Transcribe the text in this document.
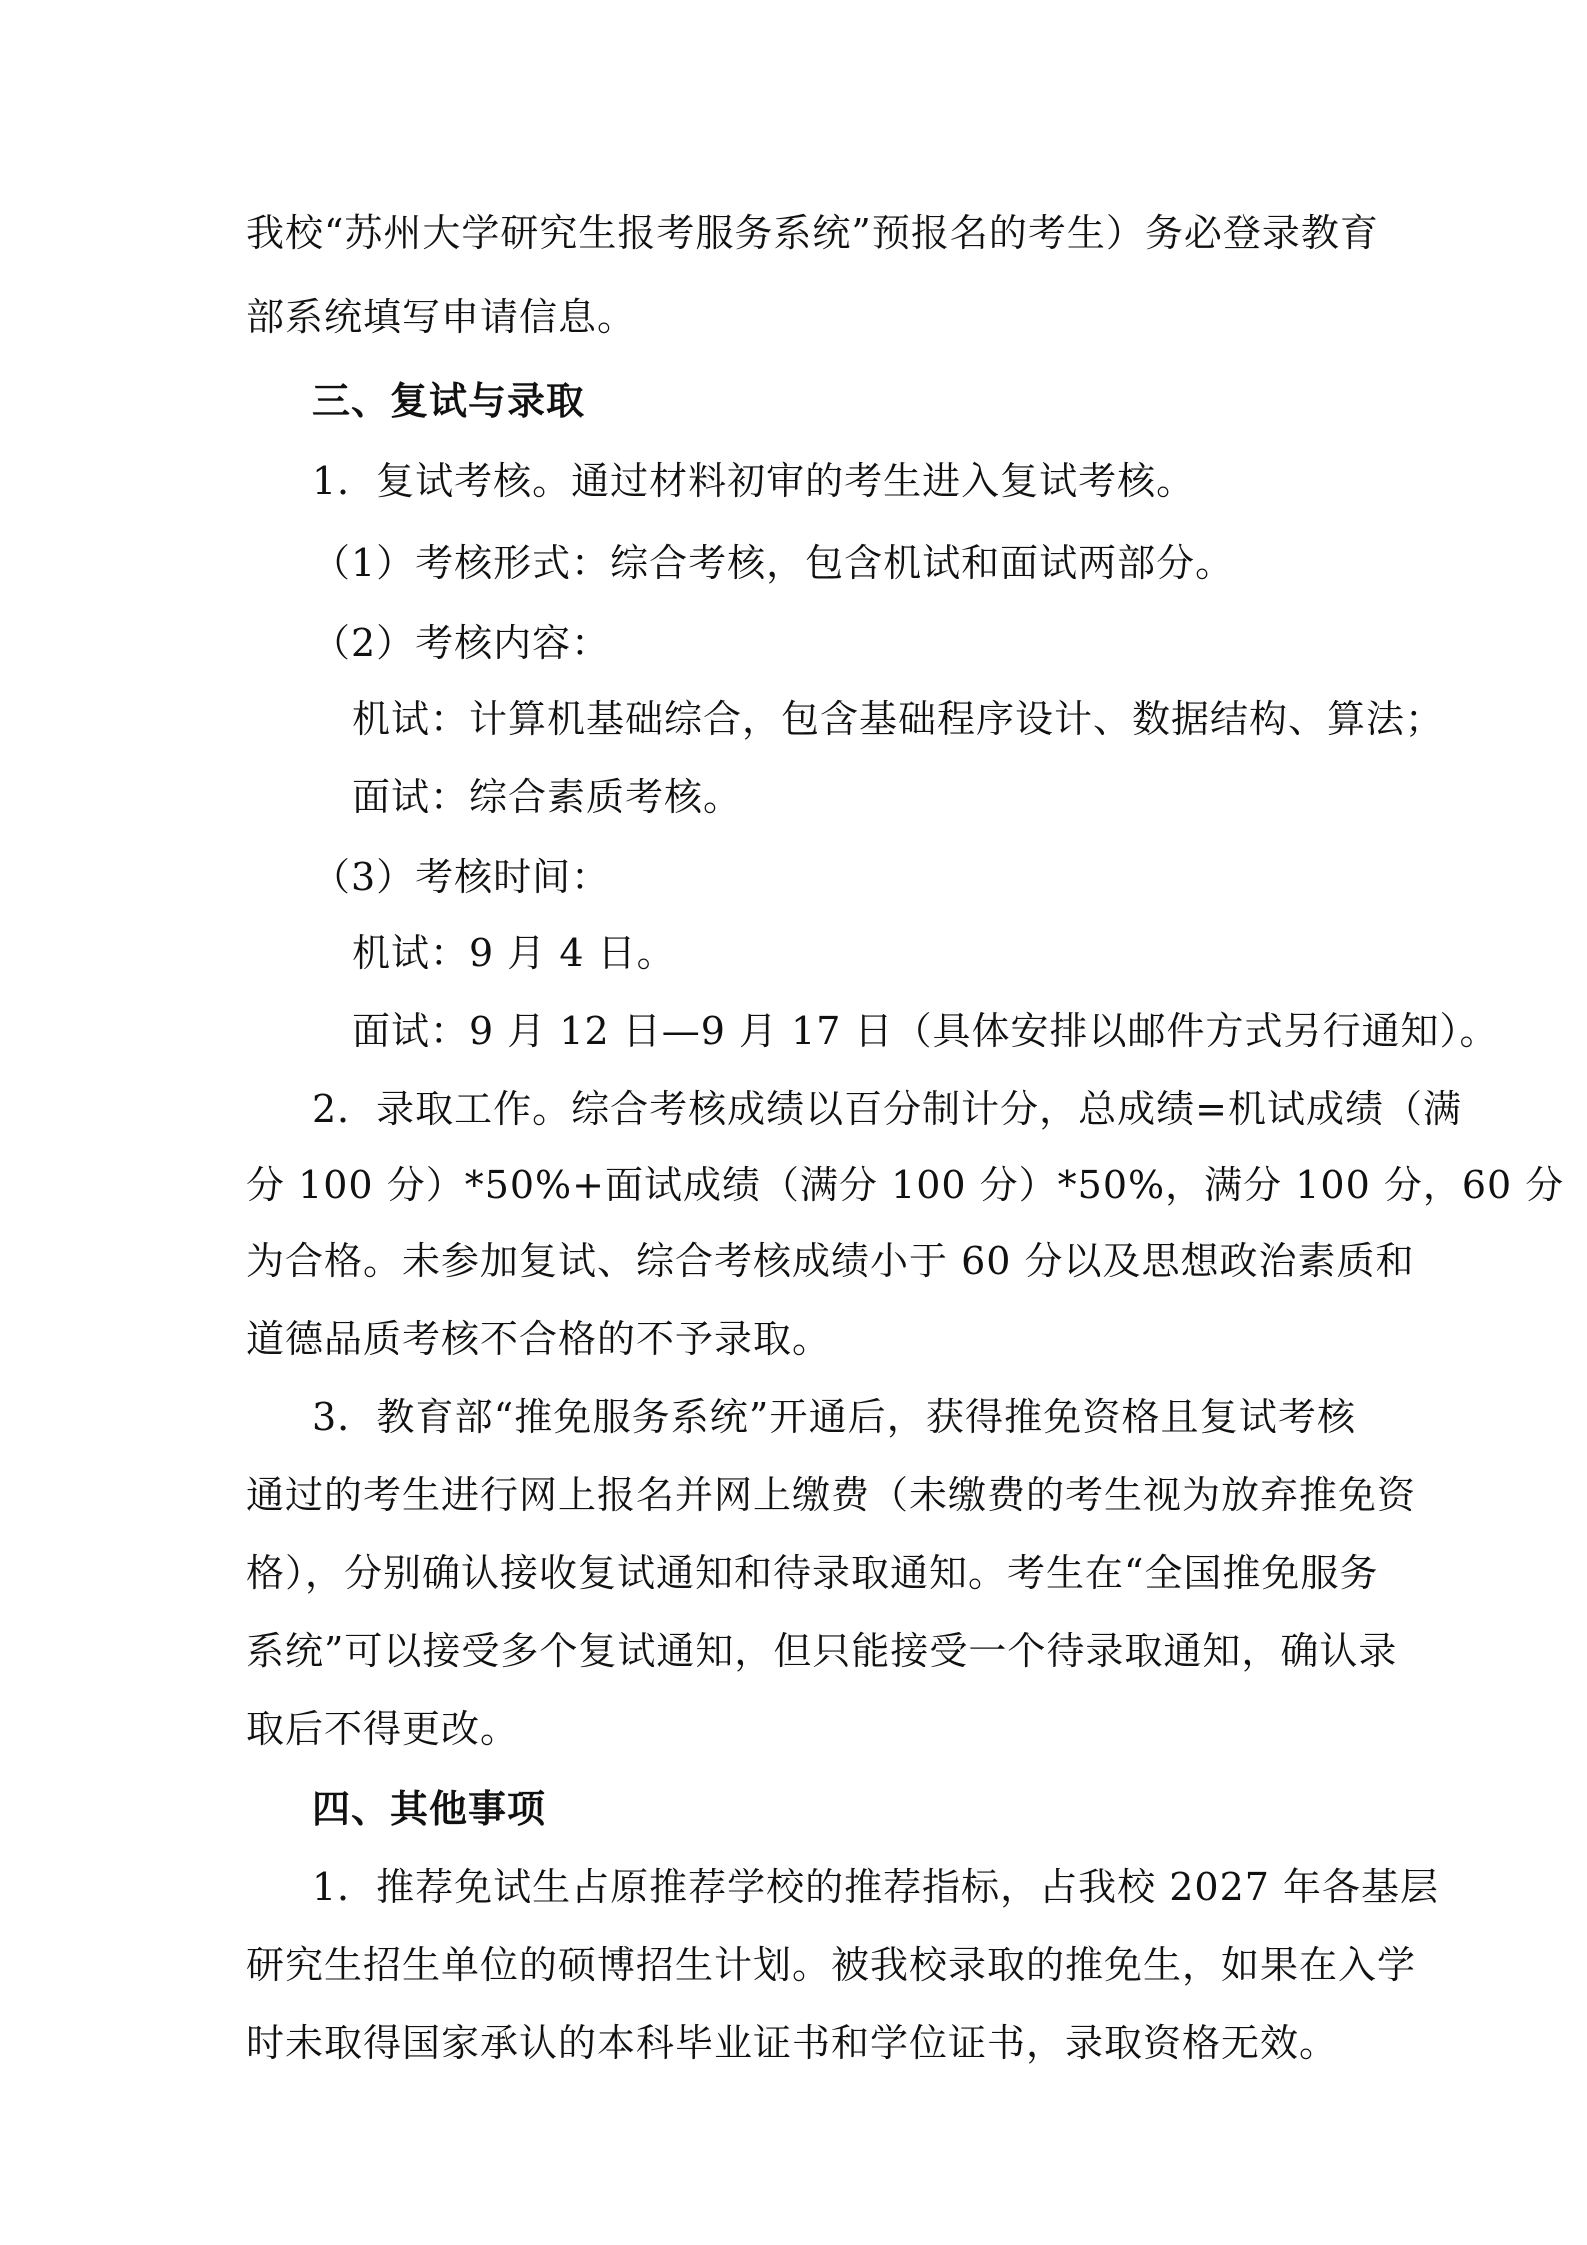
我校“苏州大学研究生报考服务系统”预报名的考生）务必登录教育
部系统填写申请信息。
三、复试与录取
1．复试考核。通过材料初审的考生进入复试考核。
（1）考核形式：综合考核，包含机试和面试两部分。
（2）考核内容：
机试：计算机基础综合，包含基础程序设计、数据结构、算法；
面试：综合素质考核。
（3）考核时间：
机试：9 月 4 日。
面试：9 月 12 日—9 月 17 日（具体安排以邮件方式另行通知）。
2．录取工作。综合考核成绩以百分制计分，总成绩=机试成绩（满
分 100 分）*50%+面试成绩（满分 100 分）*50%，满分 100 分，60 分
为合格。未参加复试、综合考核成绩小于 60 分以及思想政治素质和
道德品质考核不合格的不予录取。
3．教育部“推免服务系统”开通后，获得推免资格且复试考核
通过的考生进行网上报名并网上缴费（未缴费的考生视为放弃推免资
格），分别确认接收复试通知和待录取通知。考生在“全国推免服务
系统”可以接受多个复试通知，但只能接受一个待录取通知，确认录
取后不得更改。
四、其他事项
1．推荐免试生占原推荐学校的推荐指标，占我校 2027 年各基层
研究生招生单位的硕博招生计划。被我校录取的推免生，如果在入学
时未取得国家承认的本科毕业证书和学位证书，录取资格无效。
